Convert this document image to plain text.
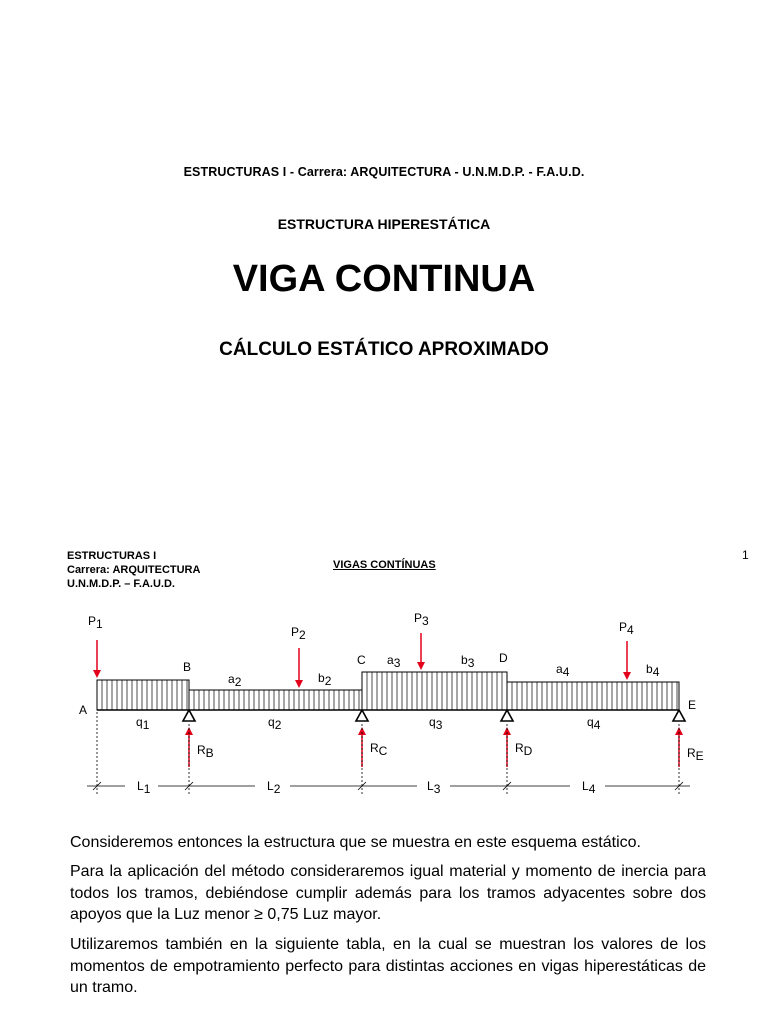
ESTRUCTURAS I - Carrera: ARQUITECTURA - U.N.M.D.P. - F.A.U.D.
ESTRUCTURA HIPERESTÁTICA
VIGA CONTINUA
CÁLCULO ESTÁTICO APROXIMADO
ESTRUCTURAS I
Carrera: ARQUITECTURA
U.N.M.D.P. – F.A.U.D.
VIGAS CONTÍNUAS
1
A
B	C	D
E
P1
P2
P3	P4
a2	b2
a3	b3	a4	b4
q1	q2	q3	q4
RB	RC	RD	RE
L1	L2	L3	L4
Consideremos entonces la estructura que se muestra en este esquema estático.
Para la aplicación del método consideraremos igual material y momento de inercia para todos los tramos, debiéndose cumplir además para los tramos adyacentes sobre dos apoyos que la Luz menor ≥ 0,75 Luz mayor.
Utilizaremos también en la siguiente tabla, en la cual se muestran los valores de los momentos de empotramiento perfecto para distintas acciones en vigas hiperestáticas de un tramo.
